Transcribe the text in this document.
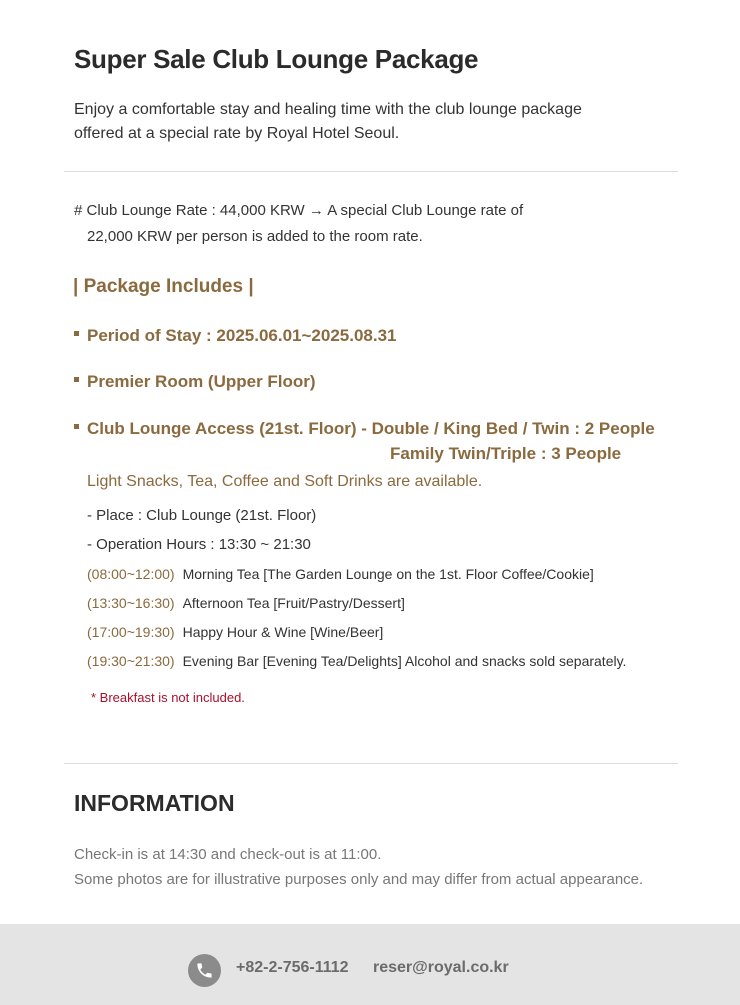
Super Sale Club Lounge Package
Enjoy a comfortable stay and healing time with the club lounge package
offered at a special rate by Royal Hotel Seoul.
# Club Lounge Rate : 44,000 KRW → A special Club Lounge rate of
22,000 KRW per person is added to the room rate.
| Package Includes |
Period of Stay : 2025.06.01~2025.08.31
Premier Room (Upper Floor)
Club Lounge Access (21st. Floor) - Double / King Bed / Twin : 2 People
Family Twin/Triple : 3 People
Light Snacks, Tea, Coffee and Soft Drinks are available.
- Place : Club Lounge (21st. Floor)
- Operation Hours : 13:30 ~ 21:30
(08:00~12:00) Morning Tea [The Garden Lounge on the 1st. Floor Coffee/Cookie]
(13:30~16:30) Afternoon Tea [Fruit/Pastry/Dessert]
(17:00~19:30) Happy Hour & Wine [Wine/Beer]
(19:30~21:30) Evening Bar [Evening Tea/Delights] Alcohol and snacks sold separately.
* Breakfast is not included.
INFORMATION
Check-in is at 14:30 and check-out is at 11:00.
Some photos are for illustrative purposes only and may differ from actual appearance.
+82-2-756-1112 reser@royal.co.kr
